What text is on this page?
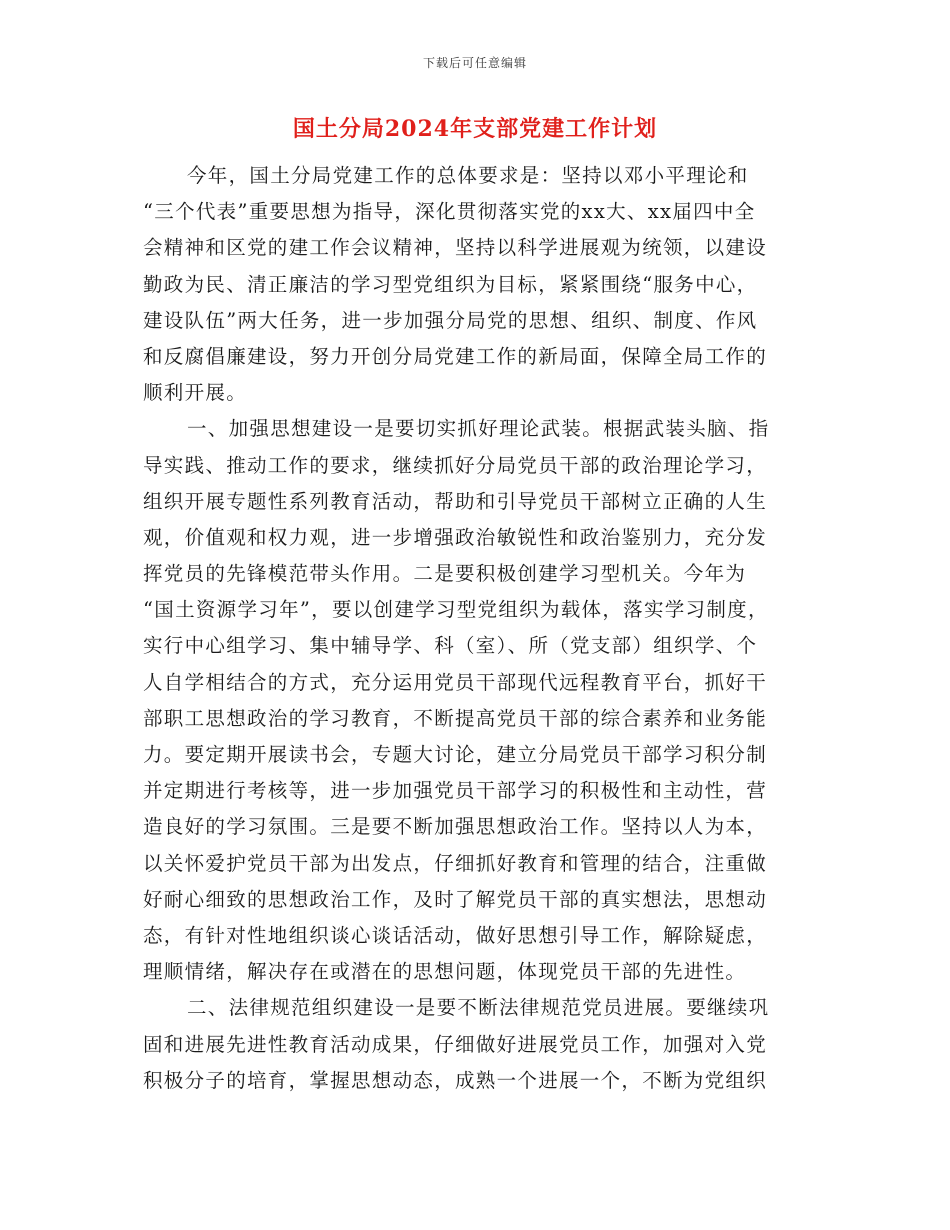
下载后可任意编辑
国土分局2024年支部党建工作计划
今年，国土分局党建工作的总体要求是：坚持以邓小平理论和
“三个代表”重要思想为指导，深化贯彻落实党的xx大、xx届四中全
会精神和区党的建工作会议精神，坚持以科学进展观为统领，以建设
勤政为民、清正廉洁的学习型党组织为目标，紧紧围绕“服务中心，
建设队伍”两大任务，进一步加强分局党的思想、组织、制度、作风
和反腐倡廉建设，努力开创分局党建工作的新局面，保障全局工作的
顺利开展。
一、加强思想建设一是要切实抓好理论武装。根据武装头脑、指
导实践、推动工作的要求，继续抓好分局党员干部的政治理论学习，
组织开展专题性系列教育活动，帮助和引导党员干部树立正确的人生
观，价值观和权力观，进一步增强政治敏锐性和政治鉴别力，充分发
挥党员的先锋模范带头作用。二是要积极创建学习型机关。今年为
“国土资源学习年”，要以创建学习型党组织为载体，落实学习制度，
实行中心组学习、集中辅导学、科（室）、所（党支部）组织学、个
人自学相结合的方式，充分运用党员干部现代远程教育平台，抓好干
部职工思想政治的学习教育，不断提高党员干部的综合素养和业务能
力。要定期开展读书会，专题大讨论，建立分局党员干部学习积分制
并定期进行考核等，进一步加强党员干部学习的积极性和主动性，营
造良好的学习氛围。三是要不断加强思想政治工作。坚持以人为本，
以关怀爱护党员干部为出发点，仔细抓好教育和管理的结合，注重做
好耐心细致的思想政治工作，及时了解党员干部的真实想法，思想动
态，有针对性地组织谈心谈话活动，做好思想引导工作，解除疑虑，
理顺情绪，解决存在或潜在的思想问题，体现党员干部的先进性。
二、法律规范组织建设一是要不断法律规范党员进展。要继续巩
固和进展先进性教育活动成果，仔细做好进展党员工作，加强对入党
积极分子的培育，掌握思想动态，成熟一个进展一个，不断为党组织
